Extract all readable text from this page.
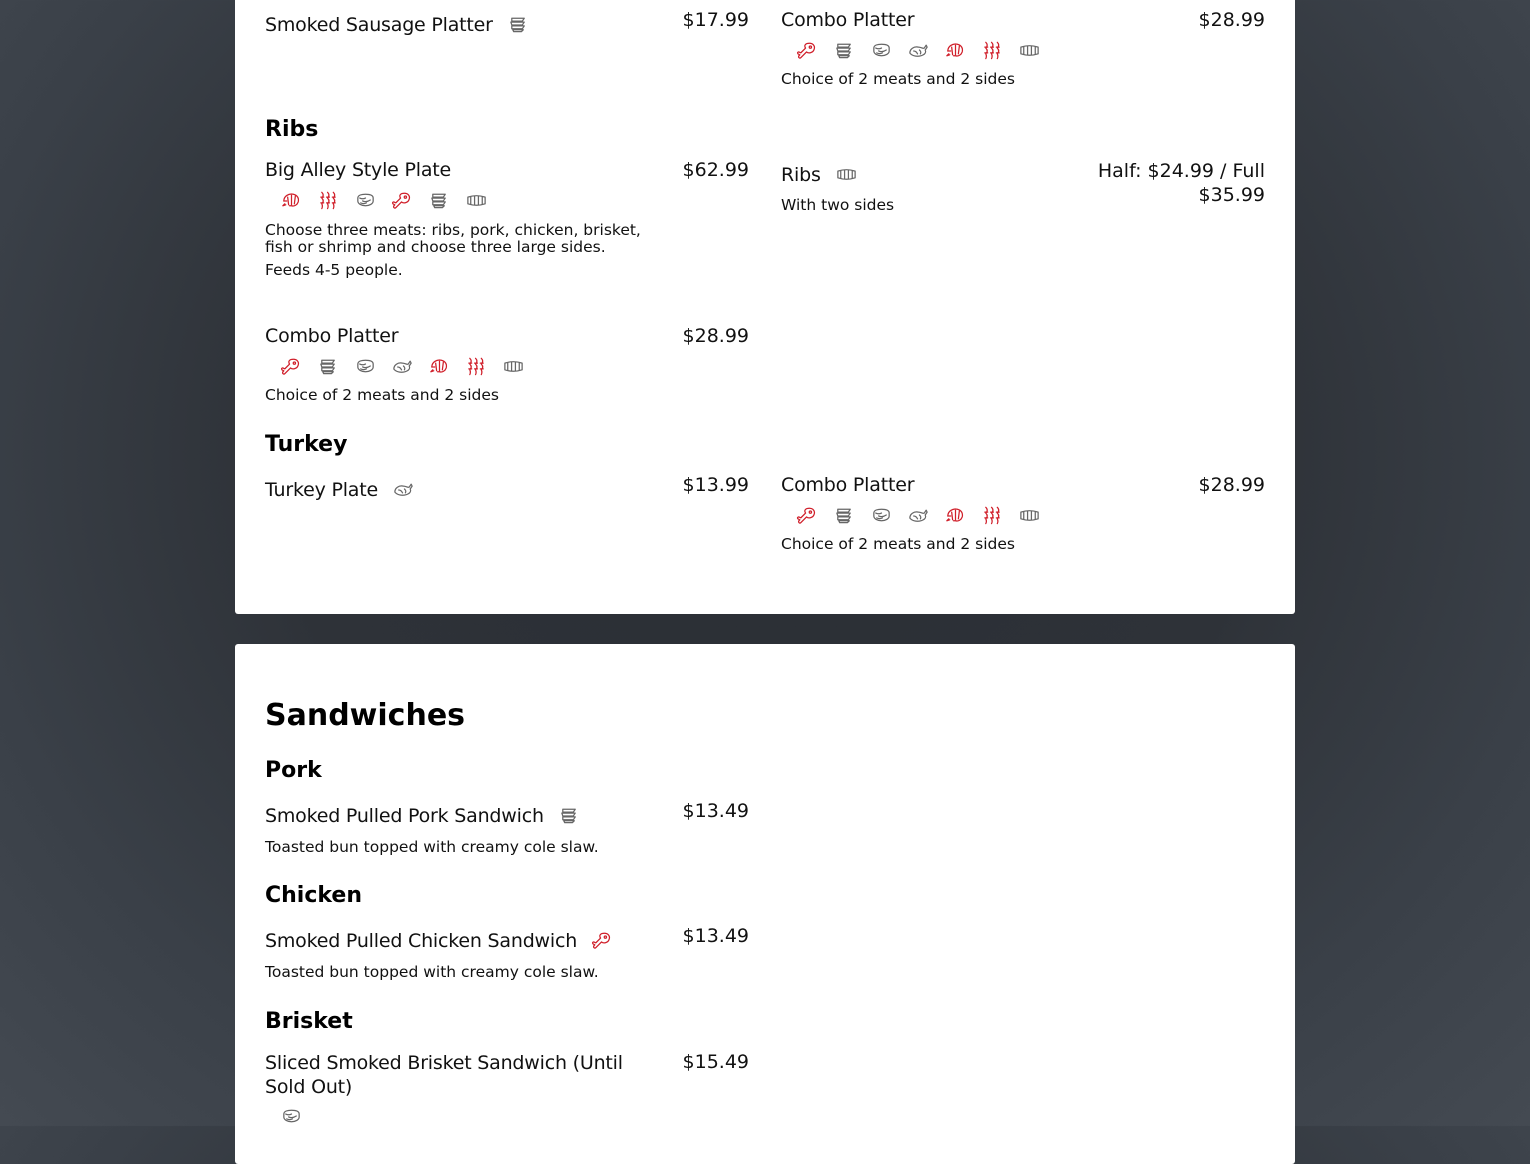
Smoked Sausage Platter	$17.99 Combo Platter	$28.99
Choice of 2 meats and 2 sides
Ribs
Big Alley Style Plate	$62.99
Choose three meats: ribs, pork, chicken, brisket, fish or shrimp and choose three large sides.
Feeds 4-5 people.
Ribs	Half: $24.99 / Full $35.99
With two sides
Combo Platter	$28.99
Choice of 2 meats and 2 sides
Turkey
Turkey Plate	$13.99 Combo Platter	$28.99
Choice of 2 meats and 2 sides
Sandwiches
Pork
Smoked Pulled Pork Sandwich	$13.49
Toasted bun topped with creamy cole slaw.
Chicken
Smoked Pulled Chicken Sandwich	$13.49
Toasted bun topped with creamy cole slaw.
Brisket
Sliced Smoked Brisket Sandwich (Until Sold Out)
$15.49
